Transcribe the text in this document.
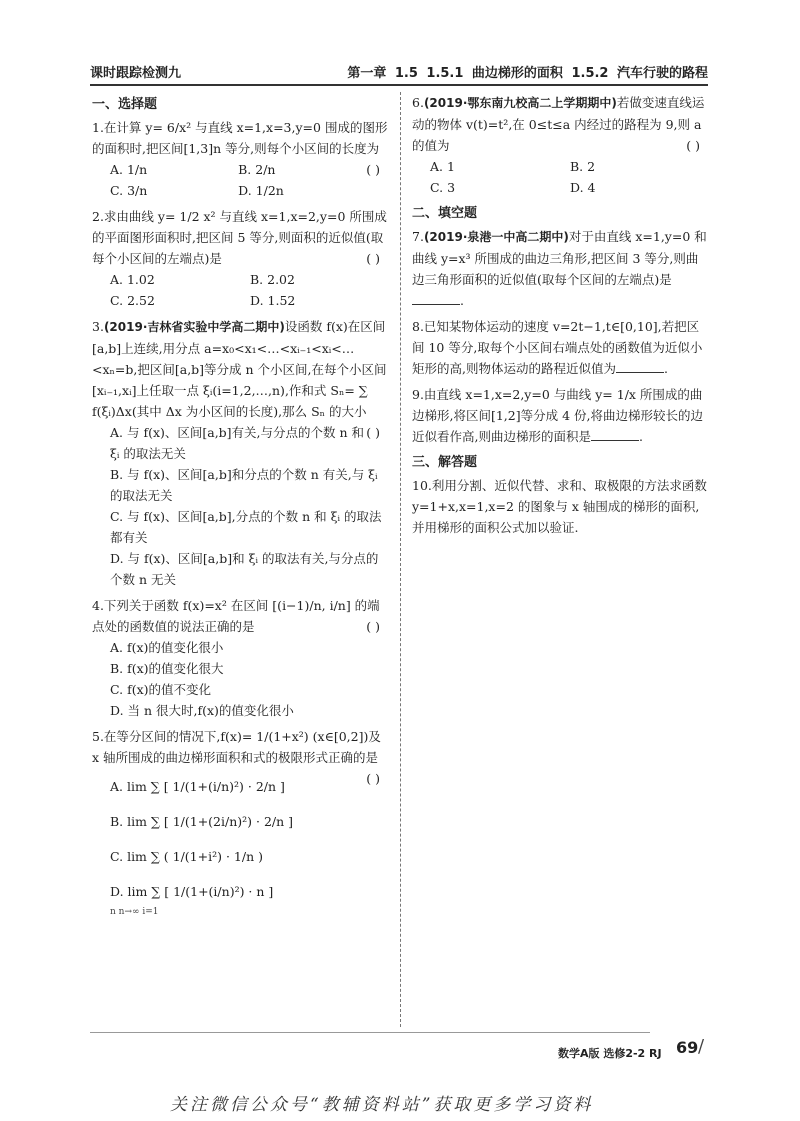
课时跟踪检测九	第一章 1.5 1.5.1 曲边梯形的面积 1.5.2 汽车行驶的路程
一、选择题
1.在计算 y= 6/x² 与直线 x=1,x=3,y=0 围成的图形的面积时,把区间[1,3]n 等分,则每个小区间的长度为
( )
A. 1/n	B. 2/n
C. 3/n	D. 1/2n
2.求由曲线 y= 1/2 x² 与直线 x=1,x=2,y=0 所围成的平面图形面积时,把区间 5 等分,则面积的近似值(取每个小区间的左端点)是	( )
A. 1.02	B. 2.02
C. 2.52	D. 1.52
3.(2019·吉林省实验中学高二期中)设函数 f(x)在区间[a,b]上连续,用分点 a=x₀<x₁<…<xᵢ₋₁<xᵢ<…<xₙ=b,把区间[a,b]等分成 n 个小区间,在每个小区间[xᵢ₋₁,xᵢ]上任取一点 ξᵢ(i=1,2,…,n),作和式 Sₙ= ∑ f(ξᵢ)Δx(其中 Δx 为小区间的长度),那么 Sₙ 的大小
( )
A. 与 f(x)、区间[a,b]有关,与分点的个数 n 和 ξᵢ 的取法无关
B. 与 f(x)、区间[a,b]和分点的个数 n 有关,与 ξᵢ 的取法无关
C. 与 f(x)、区间[a,b],分点的个数 n 和 ξᵢ 的取法都有关
D. 与 f(x)、区间[a,b]和 ξᵢ 的取法有关,与分点的个数 n 无关
4.下列关于函数 f(x)=x² 在区间 [(i−1)/n, i/n] 的端点处的函数值的说法正确的是	( )
A. f(x)的值变化很小
B. f(x)的值变化很大
C. f(x)的值不变化
D. 当 n 很大时,f(x)的值变化很小
5.在等分区间的情况下,f(x)= 1/(1+x²) (x∈[0,2])及 x 轴所围成的曲边梯形面积和式的极限形式正确的是
( )
A. lim ∑ [ 1/(1+(i/n)²) · 2/n ]
B. lim ∑ [ 1/(1+(2i/n)²) · 2/n ]
C. lim ∑ ( 1/(1+i²) · 1/n )
D. lim ∑ [ 1/(1+(i/n)²) · n ]
n n→∞ i=1
6.(2019·鄂东南九校高二上学期期中)若做变速直线运动的物体 v(t)=t²,在 0≤t≤a 内经过的路程为 9,则 a 的值为	( )
A. 1	B. 2
C. 3	D. 4
二、填空题
7.(2019·泉港一中高二期中)对于由直线 x=1,y=0 和曲线 y=x³ 所围成的曲边三角形,把区间 3 等分,则曲边三角形面积的近似值(取每个区间的左端点)是.
8.已知某物体运动的速度 v=2t−1,t∈[0,10],若把区间 10 等分,取每个小区间右端点处的函数值为近似小矩形的高,则物体运动的路程近似值为	.
9.由直线 x=1,x=2,y=0 与曲线 y= 1/x 所围成的曲边梯形,将区间[1,2]等分成 4 份,将曲边梯形较长的边近似看作高,则曲边梯形的面积是	.
三、解答题
10.利用分割、近似代替、求和、取极限的方法求函数 y=1+x,x=1,x=2 的图象与 x 轴围成的梯形的面积,并用梯形的面积公式加以验证.
数学A版 选修2-2 RJ 69 /
关注微信公众号“教辅资料站”获取更多学习资料
